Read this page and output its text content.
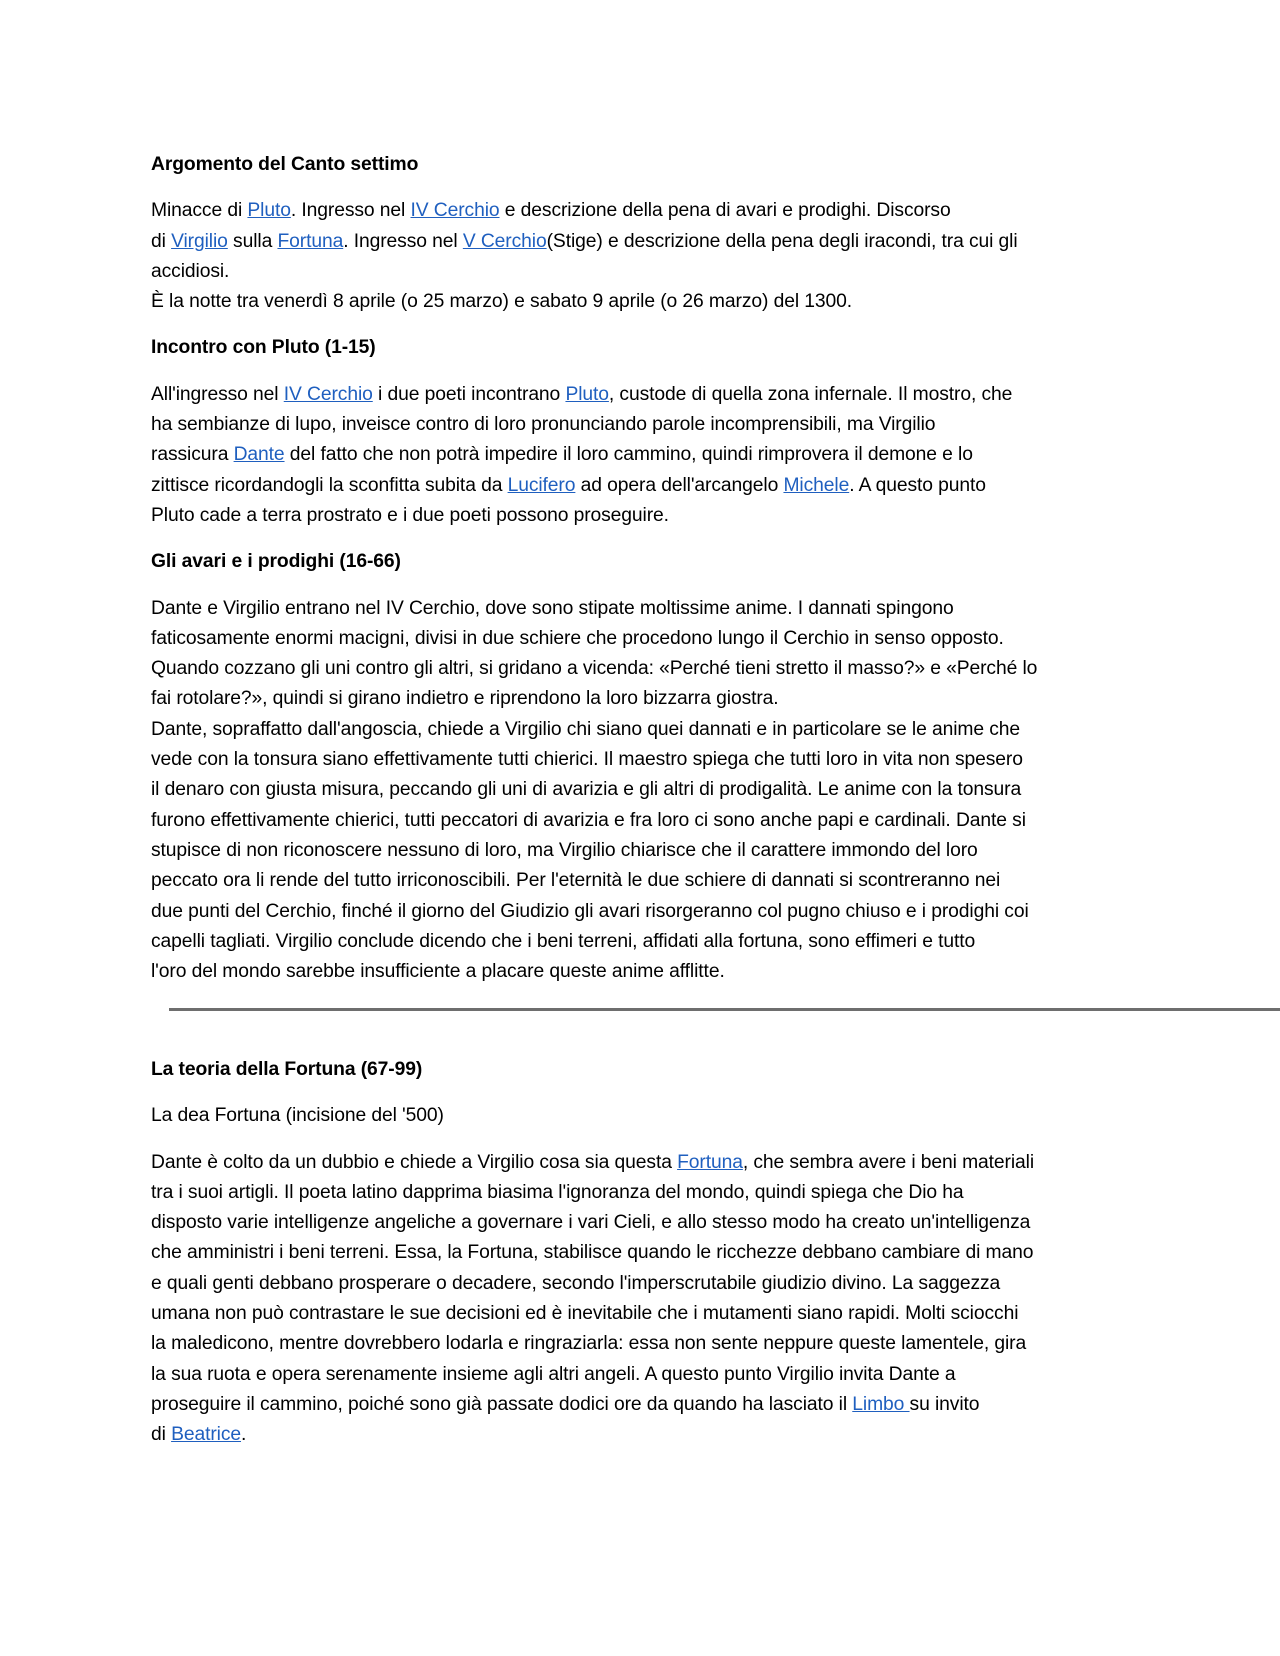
Argomento del Canto settimo
Minacce di Pluto. Ingresso nel IV Cerchio e descrizione della pena di avari e prodighi. Discorso
di Virgilio sulla Fortuna. Ingresso nel V Cerchio(Stige) e descrizione della pena degli iracondi, tra cui gli
accidiosi.
È la notte tra venerdì 8 aprile (o 25 marzo) e sabato 9 aprile (o 26 marzo) del 1300.
Incontro con Pluto (1-15)
All'ingresso nel IV Cerchio i due poeti incontrano Pluto, custode di quella zona infernale. Il mostro, che
ha sembianze di lupo, inveisce contro di loro pronunciando parole incomprensibili, ma Virgilio
rassicura Dante del fatto che non potrà impedire il loro cammino, quindi rimprovera il demone e lo
zittisce ricordandogli la sconfitta subita da Lucifero ad opera dell'arcangelo Michele. A questo punto
Pluto cade a terra prostrato e i due poeti possono proseguire.
Gli avari e i prodighi (16-66)
Dante e Virgilio entrano nel IV Cerchio, dove sono stipate moltissime anime. I dannati spingono
faticosamente enormi macigni, divisi in due schiere che procedono lungo il Cerchio in senso opposto.
Quando cozzano gli uni contro gli altri, si gridano a vicenda: «Perché tieni stretto il masso?» e «Perché lo
fai rotolare?», quindi si girano indietro e riprendono la loro bizzarra giostra.
Dante, sopraffatto dall'angoscia, chiede a Virgilio chi siano quei dannati e in particolare se le anime che
vede con la tonsura siano effettivamente tutti chierici. Il maestro spiega che tutti loro in vita non spesero
il denaro con giusta misura, peccando gli uni di avarizia e gli altri di prodigalità. Le anime con la tonsura
furono effettivamente chierici, tutti peccatori di avarizia e fra loro ci sono anche papi e cardinali. Dante si
stupisce di non riconoscere nessuno di loro, ma Virgilio chiarisce che il carattere immondo del loro
peccato ora li rende del tutto irriconoscibili. Per l'eternità le due schiere di dannati si scontreranno nei
due punti del Cerchio, finché il giorno del Giudizio gli avari risorgeranno col pugno chiuso e i prodighi coi
capelli tagliati. Virgilio conclude dicendo che i beni terreni, affidati alla fortuna, sono effimeri e tutto
l'oro del mondo sarebbe insufficiente a placare queste anime afflitte.
La teoria della Fortuna (67-99)
La dea Fortuna (incisione del '500)
Dante è colto da un dubbio e chiede a Virgilio cosa sia questa Fortuna, che sembra avere i beni materiali
tra i suoi artigli. Il poeta latino dapprima biasima l'ignoranza del mondo, quindi spiega che Dio ha
disposto varie intelligenze angeliche a governare i vari Cieli, e allo stesso modo ha creato un'intelligenza
che amministri i beni terreni. Essa, la Fortuna, stabilisce quando le ricchezze debbano cambiare di mano
e quali genti debbano prosperare o decadere, secondo l'imperscrutabile giudizio divino. La saggezza
umana non può contrastare le sue decisioni ed è inevitabile che i mutamenti siano rapidi. Molti sciocchi
la maledicono, mentre dovrebbero lodarla e ringraziarla: essa non sente neppure queste lamentele, gira
la sua ruota e opera serenamente insieme agli altri angeli. A questo punto Virgilio invita Dante a
proseguire il cammino, poiché sono già passate dodici ore da quando ha lasciato il Limbo su invito
di Beatrice.
